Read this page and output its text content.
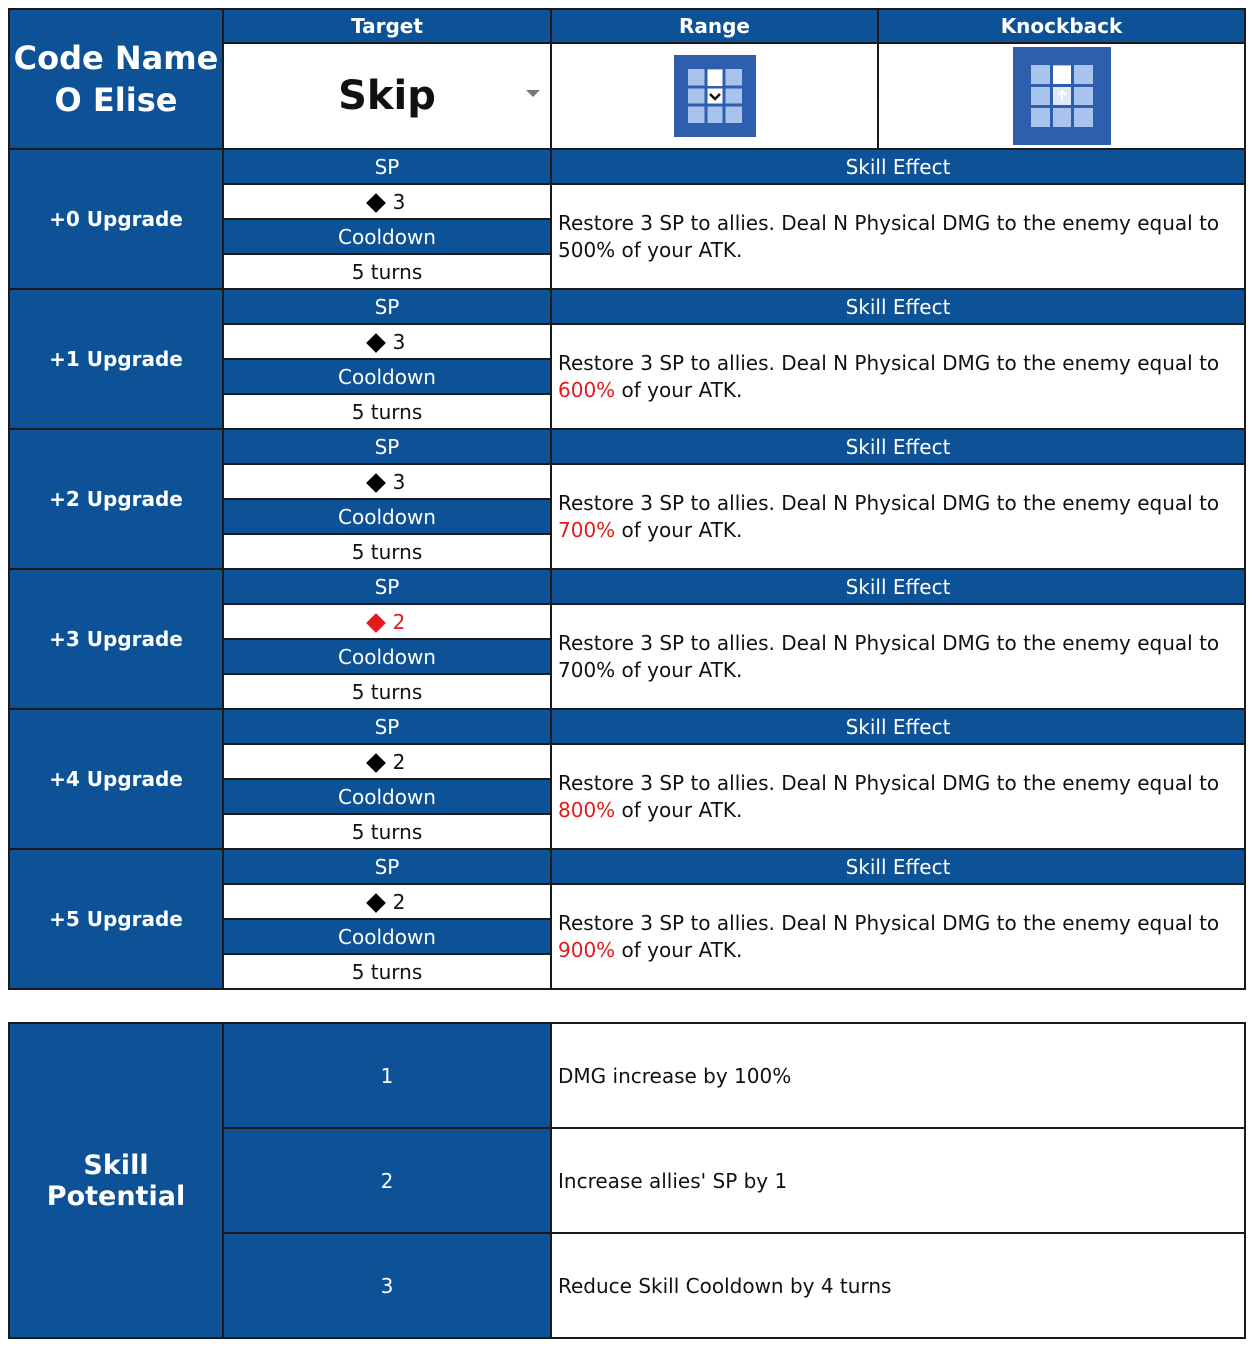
Code Name O Elise	Target	Range	Knockback
	Skip

+0 Upgrade	SP	Skill Effect	
	3	Restore 3 SP to allies. Deal N Physical DMG to the enemy equal to 500% of your ATK.	
	Cooldown		
	5 turns		
+1 Upgrade	SP	Skill Effect	
	3	Restore 3 SP to allies. Deal N Physical DMG to the enemy equal to 600% of your ATK.	
	Cooldown		
	5 turns		
+2 Upgrade	SP	Skill Effect	
	3	Restore 3 SP to allies. Deal N Physical DMG to the enemy equal to 700% of your ATK.	
	Cooldown		
	5 turns		
+3 Upgrade	SP	Skill Effect	
	2	Restore 3 SP to allies. Deal N Physical DMG to the enemy equal to 700% of your ATK.	
	Cooldown		
	5 turns		
+4 Upgrade	SP	Skill Effect	
	2	Restore 3 SP to allies. Deal N Physical DMG to the enemy equal to 800% of your ATK.	
	Cooldown		
	5 turns		
+5 Upgrade	SP	Skill Effect	
	2	Restore 3 SP to allies. Deal N Physical DMG to the enemy equal to 900% of your ATK.	
	Cooldown		
	5 turns		
Skill Potential	1	DMG increase by 100%
	2	Increase allies' SP by 1
	3	Reduce Skill Cooldown by 4 turns
